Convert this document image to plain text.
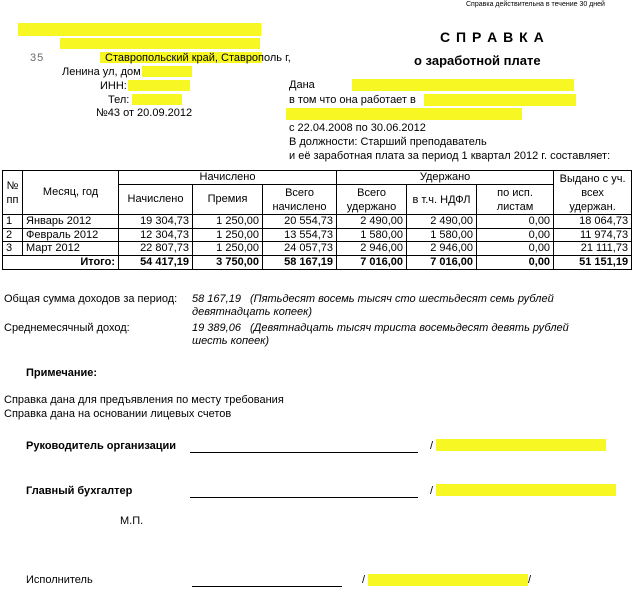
Справка действительна в течение 30 дней
35	Ставропольский край, Ставрополь г,
Ленина ул, дом
ИНН:
Тел:
№43 от 20.09.2012
С П Р А В К А
о заработной плате
Дана
в том что она работает в
с 22.04.2008 по 30.06.2012
В должности: Старший преподаватель
и её заработная плата за период 1 квартал 2012 г. составляет:
№ пп	Месяц, год	Начислено			Удержано			Выдано с уч. всех удержан.
		Начислено	Премия	Всего начислено	Всего удержано	в т.ч. НДФЛ	по исп. листам	
1	Январь 2012	19 304,73	1 250,00	20 554,73	2 490,00	2 490,00	0,00	18 064,73
2	Февраль 2012	12 304,73	1 250,00	13 554,73	1 580,00	1 580,00	0,00	11 974,73
3	Март 2012	22 807,73	1 250,00	24 057,73	2 946,00	2 946,00	0,00	21 111,73
Итого:		54 417,19	3 750,00	58 167,19	7 016,00	7 016,00	0,00	51 151,19
Общая сумма доходов за период: 58 167,19 (Пятьдесят восемь тысяч сто шестьдесят семь рублей
девятнадцать копеек)
Среднемесячный доход:	19 389,06 (Девятнадцать тысяч триста восемьдесят девять рублей
шесть копеек)
Примечание:
Справка дана для предъявления по месту требования
Справка дана на основании лицевых счетов
Руководитель организации	/
Главный бухгалтер	/
М.П.
Исполнитель	/	/
